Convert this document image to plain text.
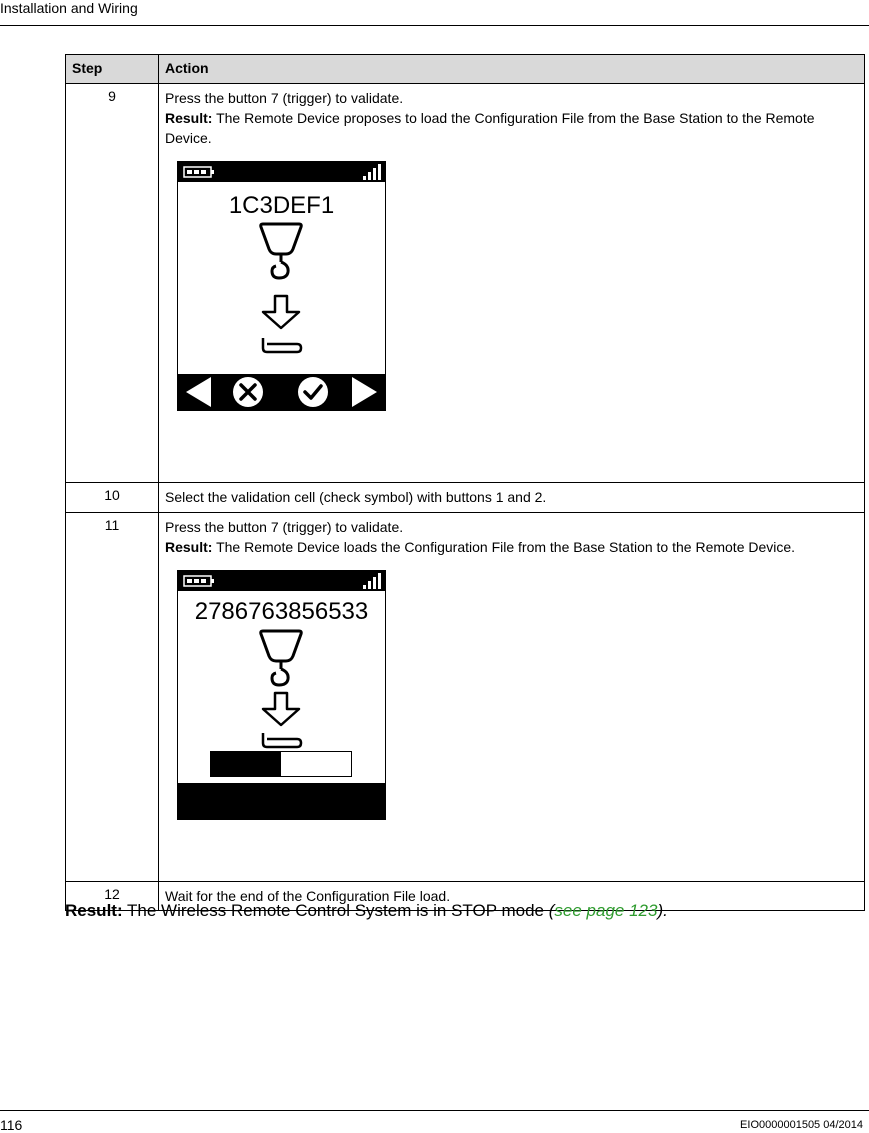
Installation and Wiring
Step	Action
9	Press the button 7 (trigger) to validate.
Result: The Remote Device proposes to load the Configuration File from the Base Station to the Remote Device.
1C3DEF1

10	Select the validation cell (check symbol) with buttons 1 and 2.

11	Press the button 7 (trigger) to validate.
Result: The Remote Device loads the Configuration File from the Base Station to the Remote Device.
2786763856533

12	Wait for the end of the Configuration File load.
Result: The Wireless Remote Control System is in STOP mode (see page 123).
116	EIO0000001505 04/2014
